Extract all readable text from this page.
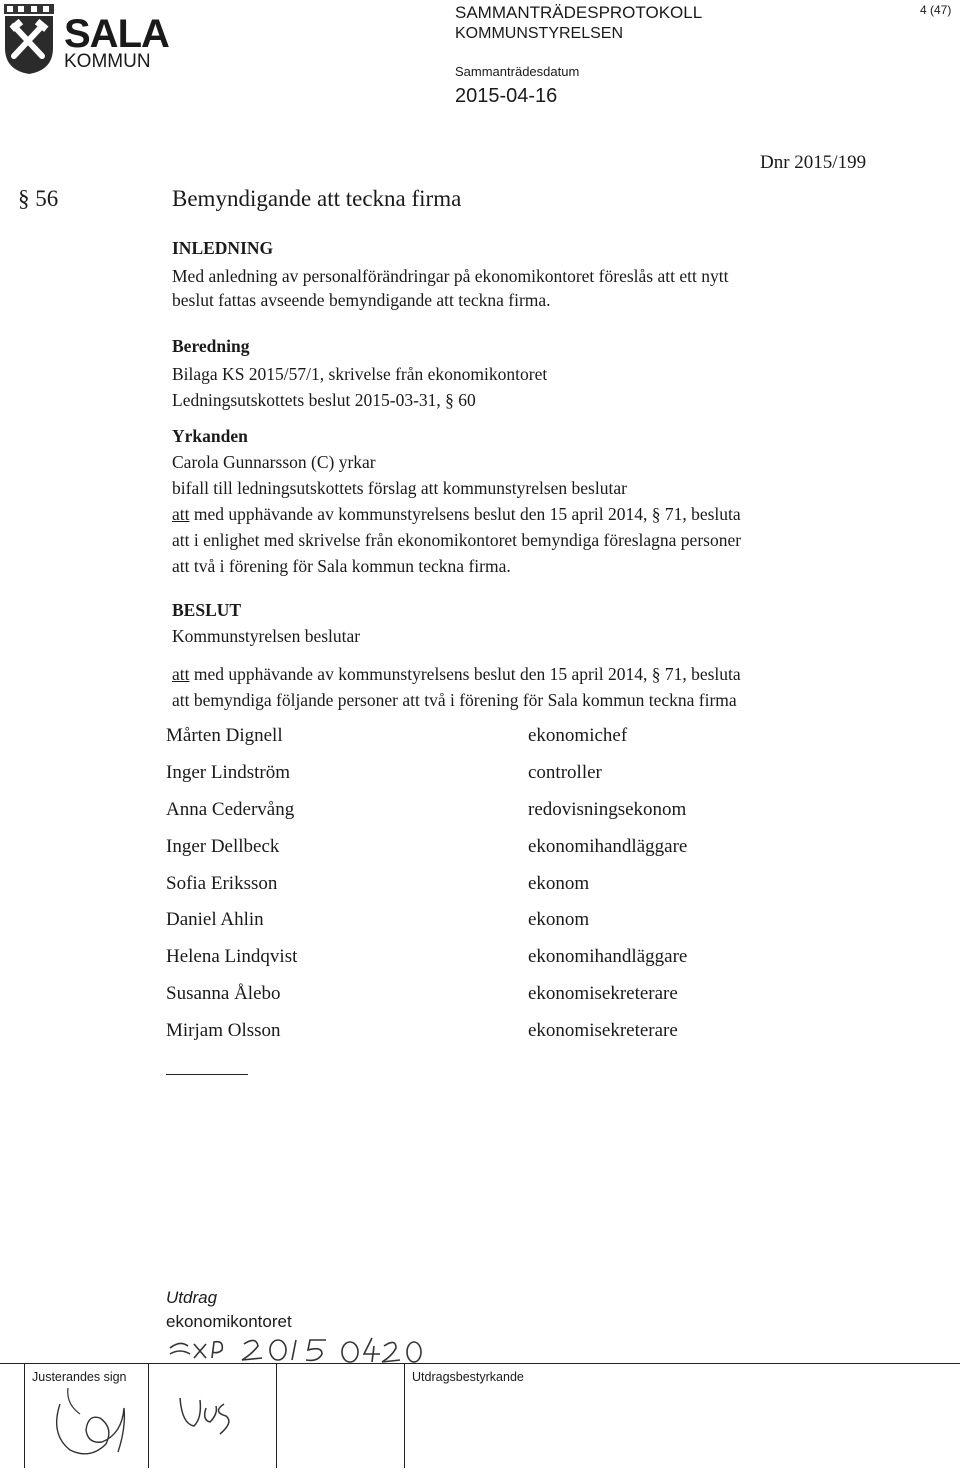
SALA
KOMMUN
SAMMANTRÄDESPROTOKOLL
KOMMUNSTYRELSEN
Sammanträdesdatum
2015-04-16
4 (47)
Dnr 2015/199
§ 56	Bemyndigande att teckna firma
INLEDNING
Med anledning av personalförändringar på ekonomikontoret föreslås att ett nytt
beslut fattas avseende bemyndigande att teckna firma.
Beredning
Bilaga KS 2015/57/1, skrivelse från ekonomikontoret
Ledningsutskottets beslut 2015-03-31, § 60
Yrkanden
Carola Gunnarsson (C) yrkar
bifall till ledningsutskottets förslag att kommunstyrelsen beslutar
att med upphävande av kommunstyrelsens beslut den 15 april 2014, § 71, besluta
att i enlighet med skrivelse från ekonomikontoret bemyndiga föreslagna personer
att två i förening för Sala kommun teckna firma.
BESLUT
Kommunstyrelsen beslutar
att med upphävande av kommunstyrelsens beslut den 15 april 2014, § 71, besluta
att bemyndiga följande personer att två i förening för Sala kommun teckna firma
Mårten Dignell	ekonomichef
Inger Lindström	controller
Anna Cedervång	redovisningsekonom
Inger Dellbeck	ekonomihandläggare
Sofia Eriksson	ekonom
Daniel Ahlin	ekonom
Helena Lindqvist	ekonomihandläggare
Susanna Ålebo	ekonomisekreterare
Mirjam Olsson	ekonomisekreterare
Utdrag
ekonomikontoret
Justerandes sign	Utdragsbestyrkande
